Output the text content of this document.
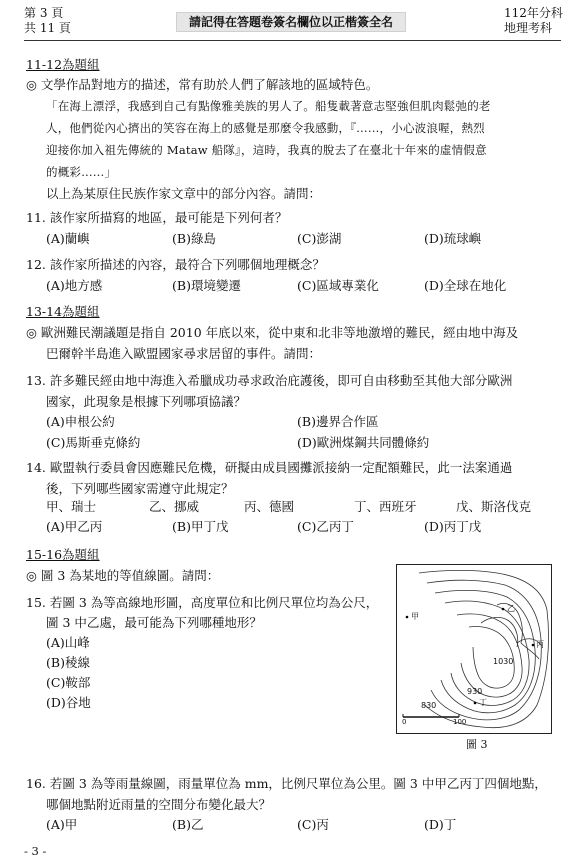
第 3 頁
共 11 頁	請記得在答題卷簽名欄位以正楷簽全名
112年分科
地理考科
11-12為題組
◎ 文學作品對地方的描述，常有助於人們了解該地的區域特色。
「在海上漂浮，我感到自己有點像雅美族的男人了。船隻載著意志堅強但肌肉鬆弛的老
人，他們從內心擠出的笑容在海上的感覺是那麼令我感動，『……，小心波浪喔，熱烈
迎接你加入祖先傳統的 Mataw 船隊』，這時，我真的脫去了在臺北十年來的虛情假意
的概彩……」
以上為某原住民族作家文章中的部分內容。請問：
11. 該作家所描寫的地區，最可能是下列何者？
(A)蘭嶼	(B)綠島	(C)澎湖	(D)琉球嶼
12. 該作家所描述的內容，最符合下列哪個地理概念？
(A)地方感	(B)環境變遷	(C)區域專業化	(D)全球在地化
13-14為題組
◎ 歐洲難民潮議題是指自 2010 年底以來，從中東和北非等地激增的難民，經由地中海及
巴爾幹半島進入歐盟國家尋求居留的事件。請問：
13. 許多難民經由地中海進入希臘成功尋求政治庇護後，即可自由移動至其他大部分歐洲
國家，此現象是根據下列哪項協議？
(A)申根公約	(B)邊界合作區
(C)馬斯垂克條約	(D)歐洲煤鋼共同體條約
14. 歐盟執行委員會因應難民危機，研擬由成員國攤派接納一定配額難民，此一法案通過
後，下列哪些國家需遵守此規定？
甲、瑞士	乙、挪威	丙、德國	丁、西班牙	戊、斯洛伐克
(A)甲乙丙	(B)甲丁戊	(C)乙丙丁	(D)丙丁戊
15-16為題組
◎ 圖 3 為某地的等值線圖。請問：
15. 若圖 3 為等高線地形圖，高度單位和比例尺單位均為公尺，
圖 3 中乙處，最可能為下列哪種地形？
(A)山峰
(B)稜線
(C)鞍部
(D)谷地
甲
乙
丙
丁
1030
930
830
0	100
圖 3
16. 若圖 3 為等雨量線圖，雨量單位為 mm，比例尺單位為公里。圖 3 中甲乙丙丁四個地點，
哪個地點附近雨量的空間分布變化最大？
(A)甲	(B)乙	(C)丙	(D)丁
- 3 -
